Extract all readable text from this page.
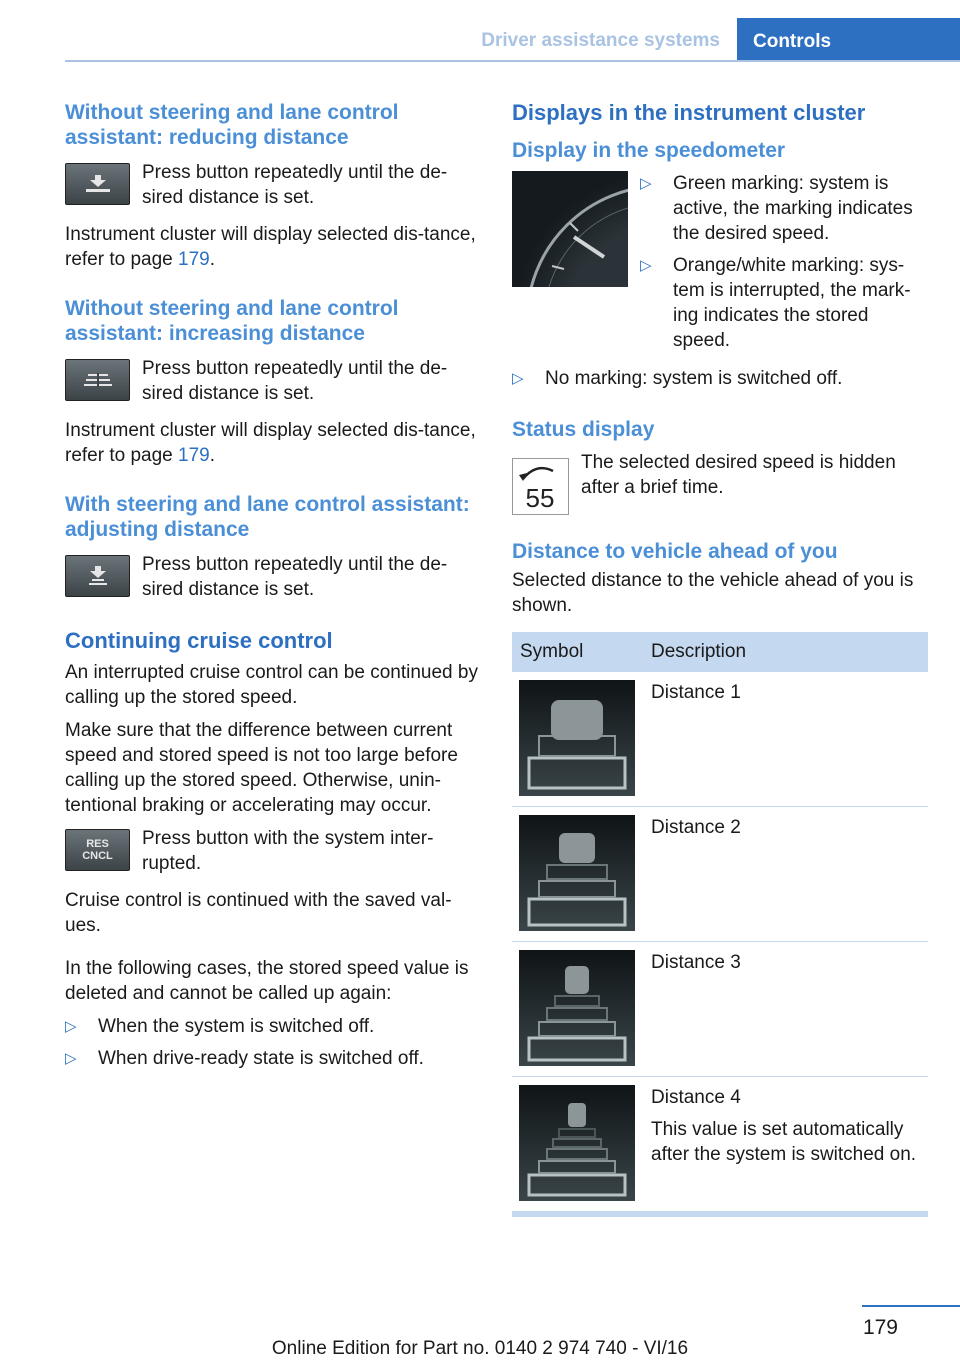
Driver assistance systems	Controls
Without steering and lane control assistant: reducing distance
Press button repeatedly until the de-sired distance is set.

Instrument cluster will display selected dis-tance, refer to page 179.

Without steering and lane control assistant: increasing distance
Press button repeatedly until the de-sired distance is set.

Instrument cluster will display selected dis-tance, refer to page 179.

With steering and lane control assistant: adjusting distance
Press button repeatedly until the de-sired distance is set.
Continuing cruise control

An interrupted cruise control can be continued by calling up the stored speed.

Make sure that the difference between current speed and stored speed is not too large before calling up the stored speed. Otherwise, unin-tentional braking or accelerating may occur.

RES CNCL
Press button with the system inter-rupted.

Cruise control is continued with the saved val-ues.

In the following cases, the stored speed value is deleted and cannot be called up again:

▷	When the system is switched off.
▷	When drive-ready state is switched off.
Displays in the instrument cluster
Display in the speedometer
▷	Green marking: system is active, the marking indicates the desired speed.
▷	Orange/white marking: sys-tem is interrupted, the mark-ing indicates the stored speed.
▷	No marking: system is switched off.
Status display
55
The selected desired speed is hidden after a brief time.
Distance to vehicle ahead of you

Selected distance to the vehicle ahead of you is shown.

Symbol	Description

Distance 1

Distance 2

Distance 3

Distance 4
This value is set automatically after the system is switched on.
179
Online Edition for Part no. 0140 2 974 740 - VI/16
